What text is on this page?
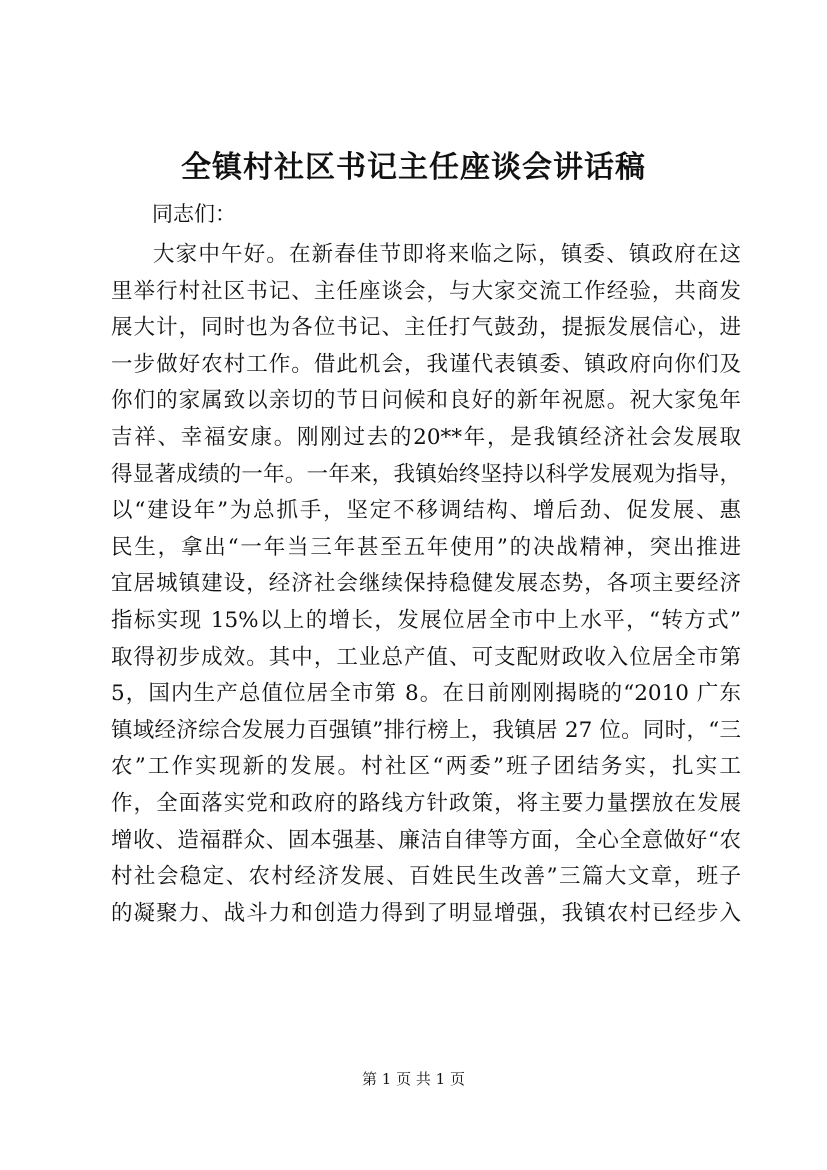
全镇村社区书记主任座谈会讲话稿

同志们：

大家中午好。在新春佳节即将来临之际，镇委、镇政府在这
里举行村社区书记、主任座谈会，与大家交流工作经验，共商发
展大计，同时也为各位书记、主任打气鼓劲，提振发展信心，进
一步做好农村工作。借此机会，我谨代表镇委、镇政府向你们及
你们的家属致以亲切的节日问候和良好的新年祝愿。祝大家兔年
吉祥、幸福安康。刚刚过去的20**年，是我镇经济社会发展取
得显著成绩的一年。一年来，我镇始终坚持以科学发展观为指导，
以“建设年”为总抓手，坚定不移调结构、增后劲、促发展、惠
民生，拿出“一年当三年甚至五年使用”的决战精神，突出推进
宜居城镇建设，经济社会继续保持稳健发展态势，各项主要经济
指标实现 15%以上的增长，发展位居全市中上水平，“转方式”
取得初步成效。其中，工业总产值、可支配财政收入位居全市第
5，国内生产总值位居全市第 8。在日前刚刚揭晓的“2010 广东
镇域经济综合发展力百强镇”排行榜上，我镇居 27 位。同时，“三
农”工作实现新的发展。村社区“两委”班子团结务实，扎实工
作，全面落实党和政府的路线方针政策，将主要力量摆放在发展
增收、造福群众、固本强基、廉洁自律等方面，全心全意做好“农
村社会稳定、农村经济发展、百姓民生改善”三篇大文章，班子
的凝聚力、战斗力和创造力得到了明显增强，我镇农村已经步入
第 1 页 共 1 页
